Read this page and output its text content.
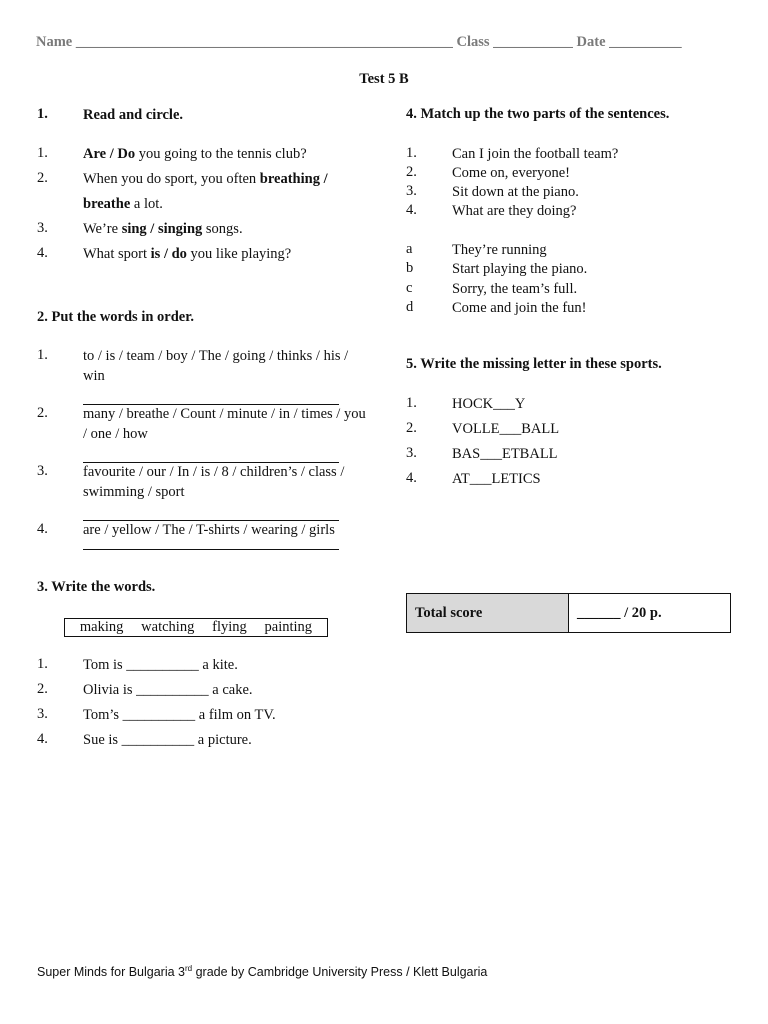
Name ____________________________________________________ Class ___________ Date __________
Test 5 B
1. Read and circle.
1. Are / Do you going to the tennis club?
2. When you do sport, you often breathing / breathe a lot.
3. We’re sing / singing songs.
4. What sport is / do you like playing?
2. Put the words in order.
1. to / is / team / boy / The / going / thinks / his / win
2. many / breathe / Count / minute / in / times / you / one / how
3. favourite / our / In / is / 8 / children’s / class / swimming / sport
4. are / yellow / The / T-shirts / wearing / girls
3. Write the words.
making watching flying painting
1. Tom is __________ a kite.
2. Olivia is __________ a cake.
3. Tom’s __________ a film on TV.
4. Sue is __________ a picture.
4. Match up the two parts of the sentences.
1. Can I join the football team?
2. Come on, everyone!
3. Sit down at the piano.
4. What are they doing?
a	They’re running
b	Start playing the piano.
c	Sorry, the team’s full.
d	Come and join the fun!
5. Write the missing letter in these sports.
1. HOCK___Y
2. VOLLE___BALL
3. BAS___ETBALL
4. AT___LETICS
Total score	______ / 20 p.
Super Minds for Bulgaria 3rd grade by Cambridge University Press / Klett Bulgaria
